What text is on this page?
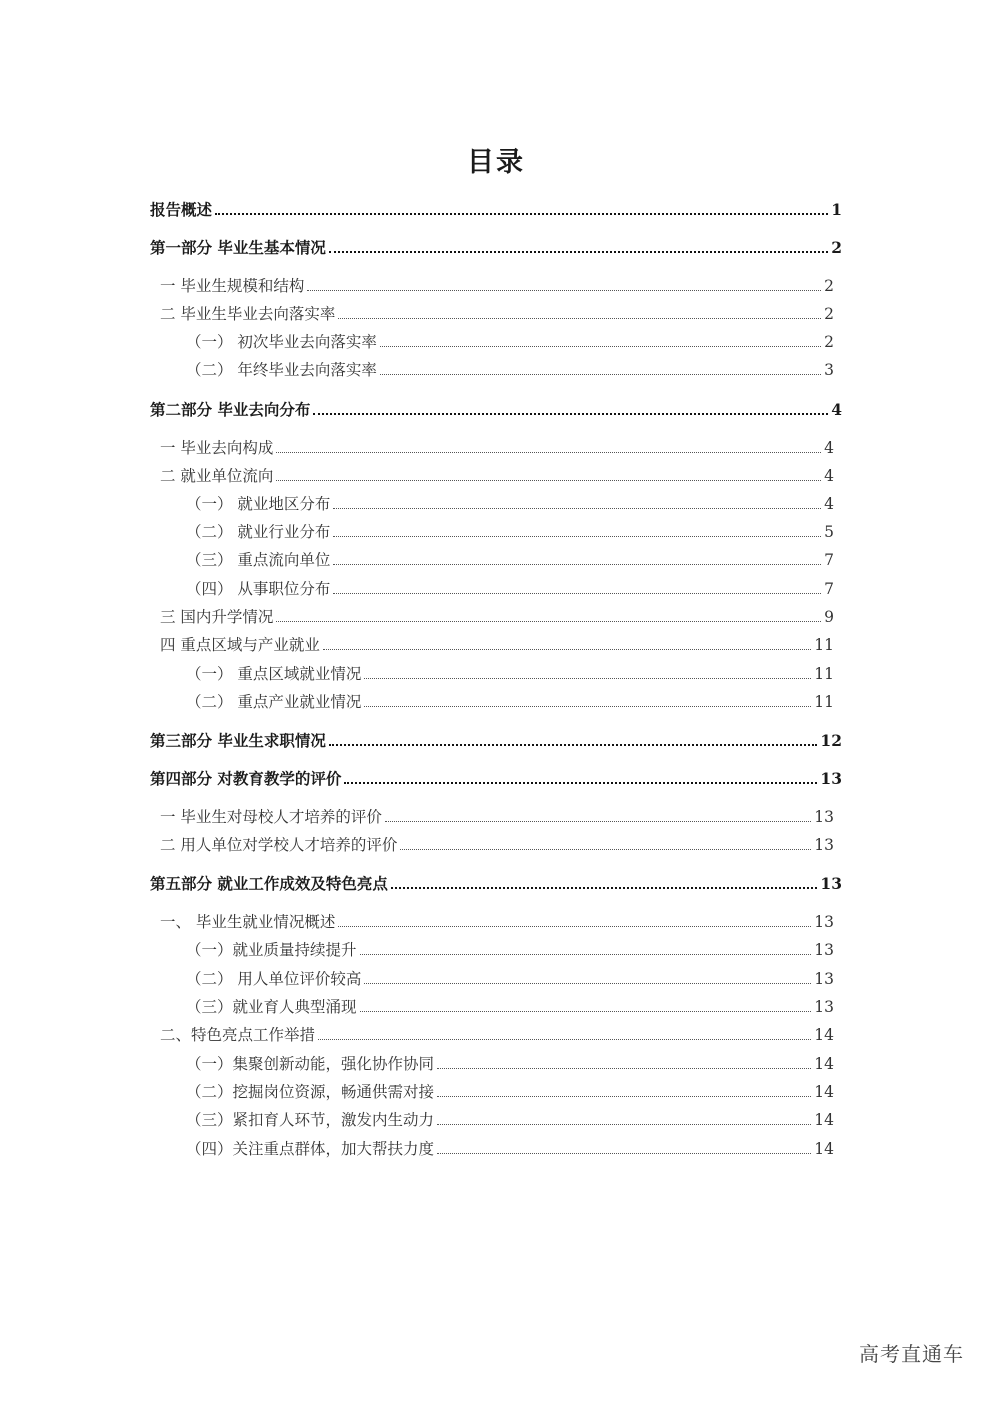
目录
报告概述	1
第一部分 毕业生基本情况	2
一 毕业生规模和结构	2
二 毕业生毕业去向落实率	2
（一） 初次毕业去向落实率	2
（二） 年终毕业去向落实率	3
第二部分 毕业去向分布	4
一 毕业去向构成	4
二 就业单位流向	4
（一） 就业地区分布	4
（二） 就业行业分布	5
（三） 重点流向单位	7
（四） 从事职位分布	7
三 国内升学情况	9
四 重点区域与产业就业	11
（一） 重点区域就业情况	11
（二） 重点产业就业情况	11
第三部分 毕业生求职情况	12
第四部分 对教育教学的评价	13
一 毕业生对母校人才培养的评价	13
二 用人单位对学校人才培养的评价	13
第五部分 就业工作成效及特色亮点	13
一、 毕业生就业情况概述	13
（一）就业质量持续提升	13
（二） 用人单位评价较高	13
（三）就业育人典型涌现	13
二、特色亮点工作举措	14
（一）集聚创新动能，强化协作协同	14
（二）挖掘岗位资源，畅通供需对接	14
（三）紧扣育人环节，激发内生动力	14
（四）关注重点群体，加大帮扶力度	14
高考直通车
